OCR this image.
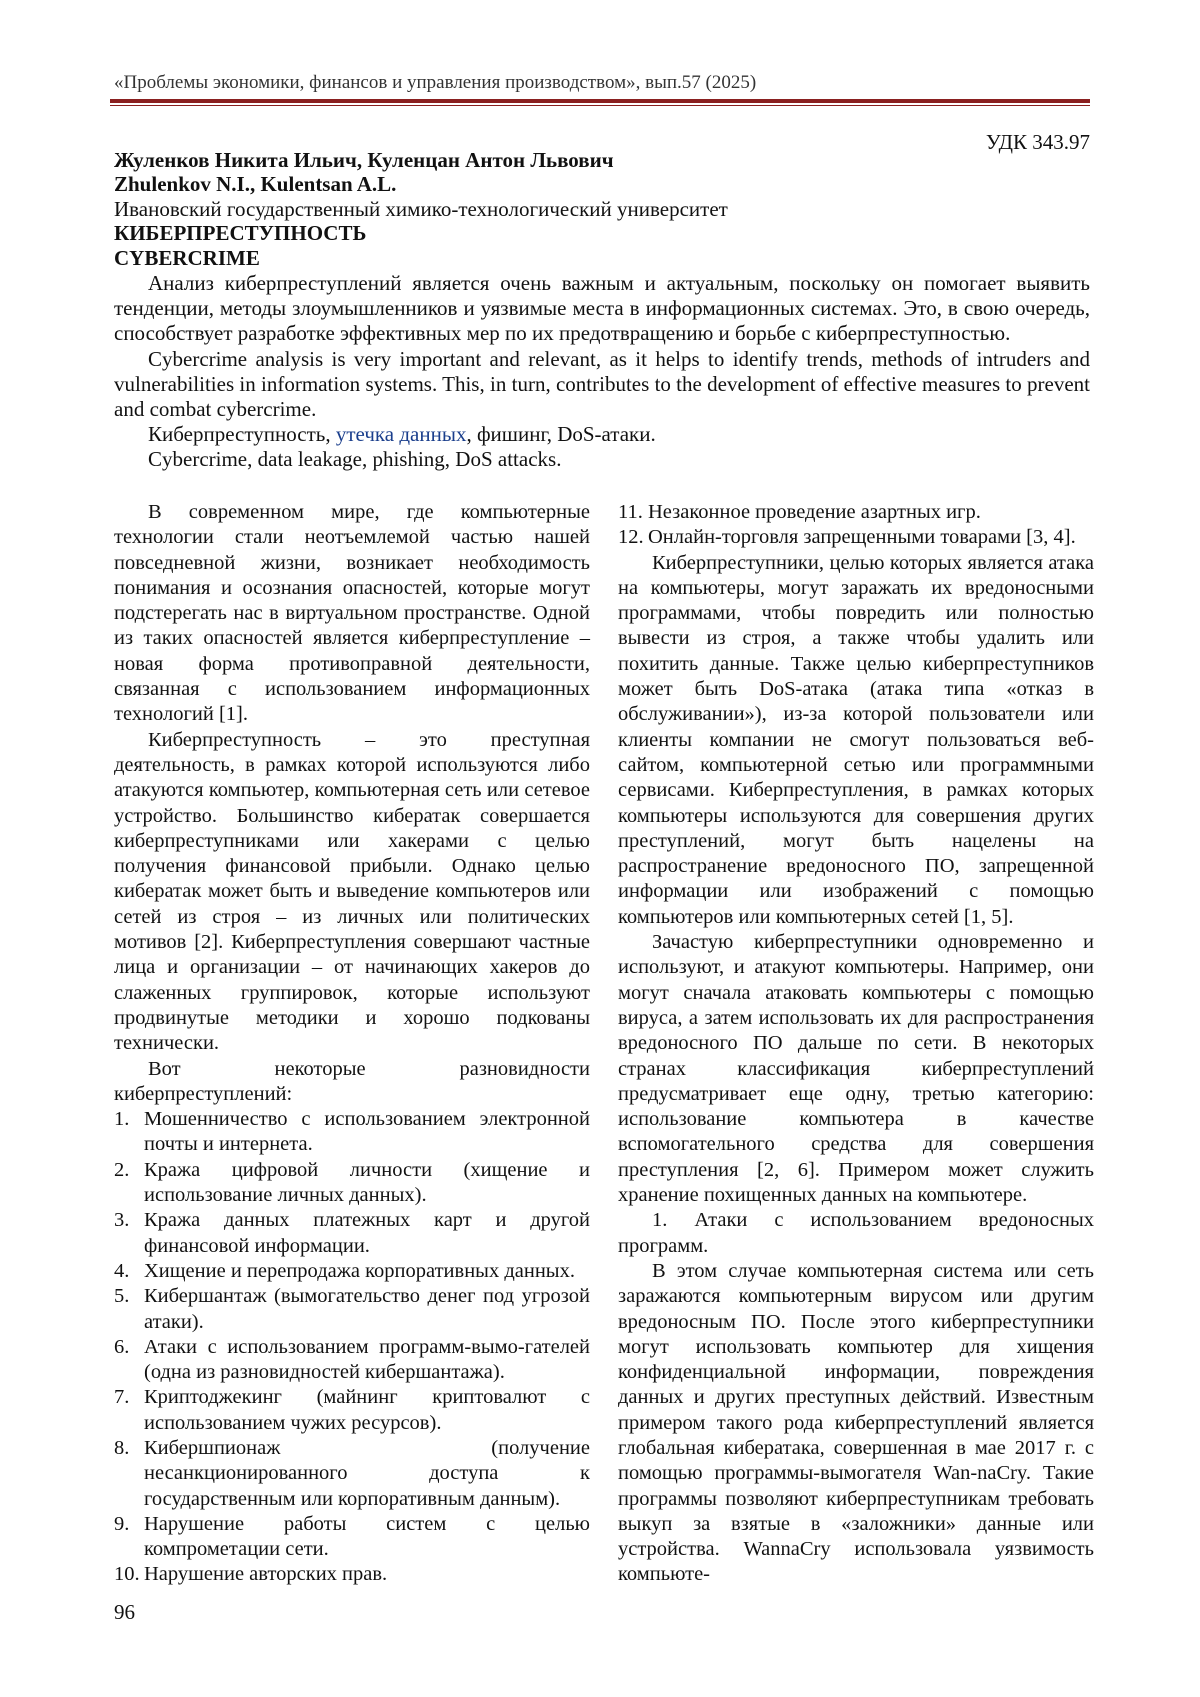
«Проблемы экономики, финансов и управления производством», вып.57 (2025)
УДК 343.97
Жуленков Никита Ильич, Куленцан Антон Львович
Zhulenkov N.I., Kulentsan A.L.
Ивановский государственный химико-технологический университет
КИБЕРПРЕСТУПНОСТЬ
CYBERCRIME

Анализ киберпреступлений является очень важным и актуальным, поскольку он помогает выявить тенденции, методы злоумышленников и уязвимые места в информационных системах. Это, в свою очередь, способствует разработке эффективных мер по их предотвращению и борьбе с киберпреступностью.

Cybercrime analysis is very important and relevant, as it helps to identify trends, methods of intruders and vulnerabilities in information systems. This, in turn, contributes to the development of effective measures to prevent and combat cybercrime.

Киберпреступность, утечка данных, фишинг, DoS-атаки.
Cybercrime, data leakage, phishing, DoS attacks.

В современном мире, где компьютерные технологии стали неотъемлемой частью нашей повседневной жизни, возникает необходимость понимания и осознания опасностей, которые могут подстерегать нас в виртуальном пространстве. Одной из таких опасностей является киберпреступление – новая форма противоправной деятельности, связанная с использованием информационных технологий [1].

Киберпреступность – это преступная деятельность, в рамках которой используются либо атакуются компьютер, компьютерная сеть или сетевое устройство. Большинство кибератак совершается киберпреступниками или хакерами с целью получения финансовой прибыли. Однако целью кибератак может быть и выведение компьютеров или сетей из строя – из личных или политических мотивов [2]. Киберпреступления совершают частные лица и организации – от начинающих хакеров до слаженных группировок, которые используют продвинутые методики и хорошо подкованы технически.

Вот некоторые разновидности киберпреступлений:

1. Мошенничество с использованием электронной почты и интернета.
2. Кража цифровой личности (хищение и использование личных данных).
3. Кража данных платежных карт и другой финансовой информации.
4. Хищение и перепродажа корпоративных данных.
5. Кибершантаж (вымогательство денег под угрозой атаки).
6. Атаки с использованием программ-вымо-гателей (одна из разновидностей кибершантажа).
7. Криптоджекинг (майнинг криптовалют с использованием чужих ресурсов).
8. Кибершпионаж (получение несанкционированного доступа к государственным или корпоративным данным).
9. Нарушение работы систем с целью компрометации сети.
10. Нарушение авторских прав.
11. Незаконное проведение азартных игр.
12. Онлайн-торговля запрещенными товарами [3, 4].

Киберпреступники, целью которых является атака на компьютеры, могут заражать их вредоносными программами, чтобы повредить или полностью вывести из строя, а также чтобы удалить или похитить данные. Также целью киберпреступников может быть DoS-атака (атака типа «отказ в обслуживании»), из-за которой пользователи или клиенты компании не смогут пользоваться веб-сайтом, компьютерной сетью или программными сервисами. Киберпреступления, в рамках которых компьютеры используются для совершения других преступлений, могут быть нацелены на распространение вредоносного ПО, запрещенной информации или изображений с помощью компьютеров или компьютерных сетей [1, 5].

Зачастую киберпреступники одновременно и используют, и атакуют компьютеры. Например, они могут сначала атаковать компьютеры с помощью вируса, а затем использовать их для распространения вредоносного ПО дальше по сети. В некоторых странах классификация киберпреступлений предусматривает еще одну, третью категорию: использование компьютера в качестве вспомогательного средства для совершения преступления [2, 6]. Примером может служить хранение похищенных данных на компьютере.

1. Атаки с использованием вредоносных программ.

В этом случае компьютерная система или сеть заражаются компьютерным вирусом или другим вредоносным ПО. После этого киберпреступники могут использовать компьютер для хищения конфиденциальной информации, повреждения данных и других преступных действий. Известным примером такого рода киберпреступлений является глобальная кибератака, совершенная в мае 2017 г. с помощью программы-вымогателя Wan-naCry. Такие программы позволяют киберпреступникам требовать выкуп за взятые в «заложники» данные или устройства. WannaCry использовала уязвимость компьюте-

96
